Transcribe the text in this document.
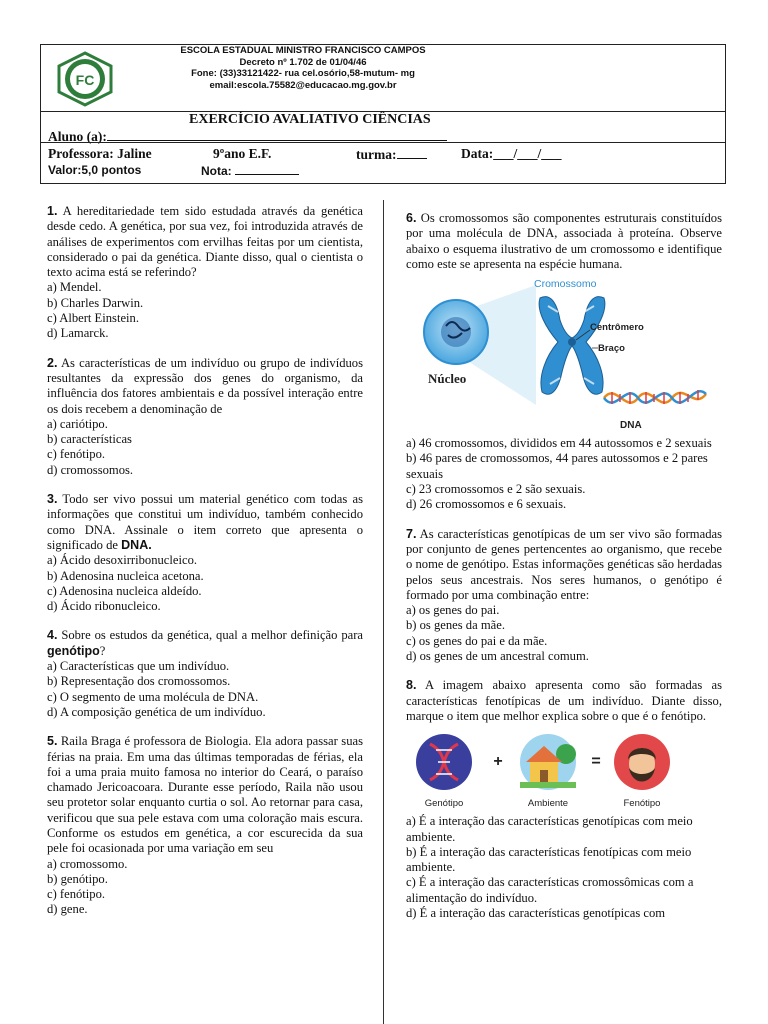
FC
ESCOLA ESTADUAL MINISTRO FRANCISCO CAMPOS
Decreto nº 1.702 de 01/04/46
Fone: (33)33121422- rua cel.osório,58-mutum- mg
email:escola.75582@educacao.mg.gov.br
EXERCÍCIO AVALIATIVO CIÊNCIAS
Aluno (a):
Professora: Jaline	9ºano E.F.	turma:	Data:___/___/___
Valor:5,0 pontos	Nota:
1. A hereditariedade tem sido estudada através da genética desde cedo. A genética, por sua vez, foi introduzida através de análises de experimentos com ervilhas feitas por um cientista, considerado o pai da genética. Diante disso, qual o cientista o texto acima está se referindo?
a) Mendel.
b) Charles Darwin.
c) Albert Einstein.
d) Lamarck.
2. As características de um indivíduo ou grupo de indivíduos resultantes da expressão dos genes do organismo, da influência dos fatores ambientais e da possível interação entre os dois recebem a denominação de
a) cariótipo.
b) características
c) fenótipo.
d) cromossomos.
3. Todo ser vivo possui um material genético com todas as informações que constitui um indivíduo, também conhecido como DNA. Assinale o item correto que apresenta o significado de DNA.
a) Ácido desoxirribonucleico.
b) Adenosina nucleica acetona.
c) Adenosina nucleica aldeído.
d) Ácido ribonucleico.
4. Sobre os estudos da genética, qual a melhor definição para genótipo?
a) Características que um indivíduo.
b) Representação dos cromossomos.
c) O segmento de uma molécula de DNA.
d) A composição genética de um indivíduo.
5. Raila Braga é professora de Biologia. Ela adora passar suas férias na praia. Em uma das últimas temporadas de férias, ela foi a uma praia muito famosa no interior do Ceará, o paraíso chamado Jericoacoara. Durante esse período, Raila não usou seu protetor solar enquanto curtia o sol. Ao retornar para casa, verificou que sua pele estava com uma coloração mais escura. Conforme os estudos em genética, a cor escurecida da sua pele foi ocasionada por uma variação em seu
a) cromossomo.
b) genótipo.
c) fenótipo.
d) gene.
6. Os cromossomos são componentes estruturais constituídos por uma molécula de DNA, associada à proteína. Observe abaixo o esquema ilustrativo de um cromossomo e identifique como este se apresenta na espécie humana.
Núcleo
Cromossomo
Centrômero
Braço
DNA
a) 46 cromossomos, divididos em 44 autossomos e 2 sexuais
b) 46 pares de cromossomos, 44 pares autossomos e 2 pares sexuais
c) 23 cromossomos e 2 são sexuais.
d) 26 cromossomos e 6 sexuais.
7. As características genotípicas de um ser vivo são formadas por conjunto de genes pertencentes ao organismo, que recebe o nome de genótipo. Estas informações genéticas são herdadas pelos seus ancestrais. Nos seres humanos, o genótipo é formado por uma combinação entre:
a) os genes do pai.
b) os genes da mãe.
c) os genes do pai e da mãe.
d) os genes de um ancestral comum.
8. A imagem abaixo apresenta como são formadas as características fenotípicas de um indivíduo. Diante disso, marque o item que melhor explica sobre o que é o fenótipo.
Genótipo
+
Ambiente
=
Fenótipo
a) É a interação das características genotípicas com meio ambiente.
b) É a interação das características fenotípicas com meio ambiente.
c) É a interação das características cromossômicas com a alimentação do indivíduo.
d) É a interação das características genotípicas com
